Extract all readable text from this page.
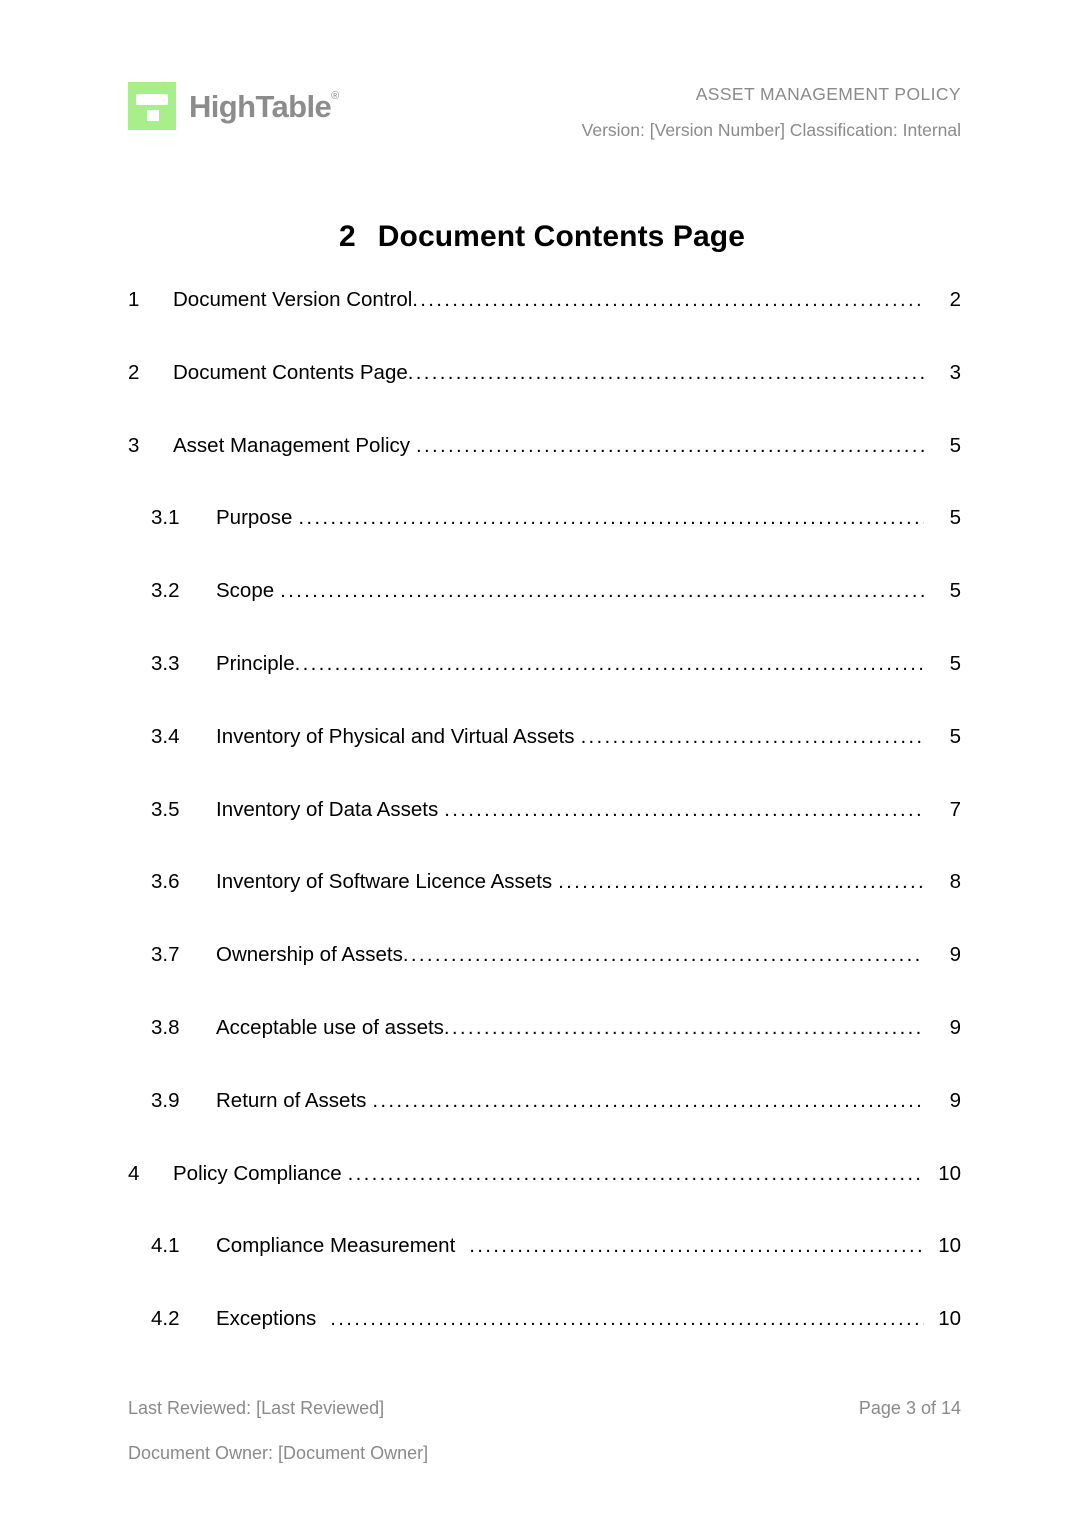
HighTable®	ASSET MANAGEMENT POLICY
Version: [Version Number] Classification: Internal
2 Document Contents Page
1	Document Version Control .....	2
2	Document Contents Page .....	3
3	Asset Management Policy .....	5
3.1	Purpose .....	5
3.2	Scope .....	5
3.3	Principle .....	5
3.4	Inventory of Physical and Virtual Assets .....	5
3.5	Inventory of Data Assets .....	7
3.6	Inventory of Software Licence Assets .....	8
3.7	Ownership of Assets .....	9
3.8	Acceptable use of assets .....	9
3.9	Return of Assets .....	9
4	Policy Compliance .....	10
4.1	Compliance Measurement .....	10
4.2	Exceptions .....	10
Last Reviewed: [Last Reviewed]	Page 3 of 14
Document Owner: [Document Owner]
